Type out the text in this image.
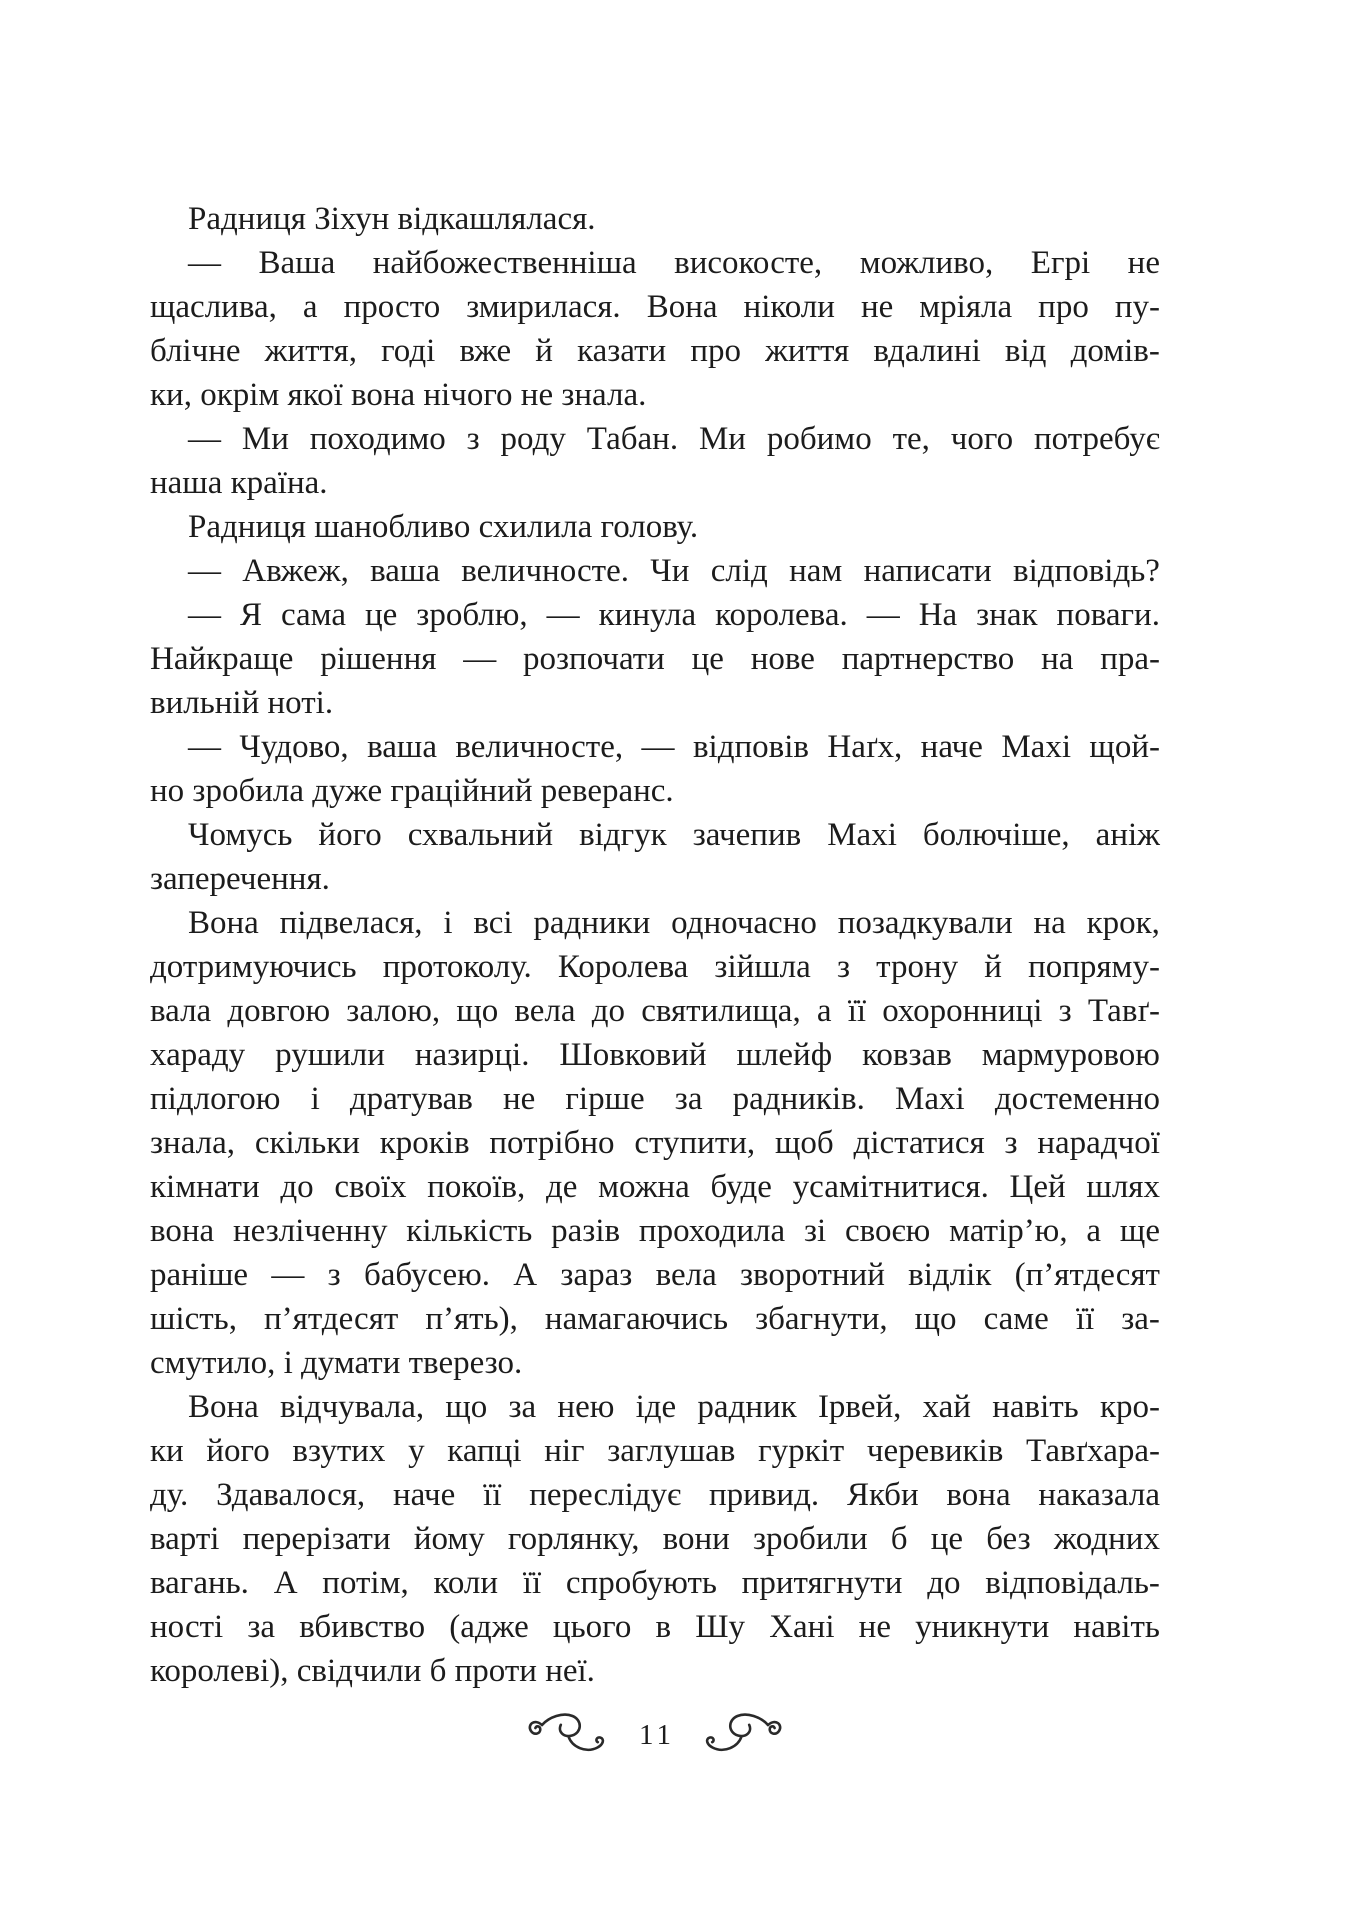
Радниця Зіхун відкашлялася.
— Ваша найбожественніша високосте, можливо, Егрі не
щаслива, а просто змирилася. Вона ніколи не мріяла про пу-
блічне життя, годі вже й казати про життя вдалині від домів-
ки, окрім якої вона нічого не знала.
— Ми походимо з роду Табан. Ми робимо те, чого потребує
наша країна.
Радниця шанобливо схилила голову.
— Авжеж, ваша величносте. Чи слід нам написати відповідь?
— Я сама це зроблю, — кинула королева. — На знак поваги.
Найкраще рішення — розпочати це нове партнерство на пра-
вильній ноті.
— Чудово, ваша величносте, — відповів Наґх, наче Махі щой-
но зробила дуже граційний реверанс.
Чомусь його схвальний відгук зачепив Махі болючіше, аніж
заперечення.
Вона підвелася, і всі радники одночасно позадкували на крок,
дотримуючись протоколу. Королева зійшла з трону й попряму-
вала довгою залою, що вела до святилища, а її охоронниці з Тавґ-
хараду рушили назирці. Шовковий шлейф ковзав мармуровою
підлогою і дратував не гірше за радників. Махі достеменно
знала, скільки кроків потрібно ступити, щоб дістатися з нарадчої
кімнати до своїх покоїв, де можна буде усамітнитися. Цей шлях
вона незліченну кількість разів проходила зі своєю матір’ю, а ще
раніше — з бабусею. А зараз вела зворотний відлік (п’ятдесят
шість, п’ятдесят п’ять), намагаючись збагнути, що саме її за-
смутило, і думати тверезо.
Вона відчувала, що за нею іде радник Ірвей, хай навіть кро-
ки його взутих у капці ніг заглушав гуркіт черевиків Тавґхара-
ду. Здавалося, наче її переслідує привид. Якби вона наказала
варті перерізати йому горлянку, вони зробили б це без жодних
вагань. А потім, коли її спробують притягнути до відповідаль-
ності за вбивство (адже цього в Шу Хані не уникнути навіть
королеві), свідчили б проти неї.
11
